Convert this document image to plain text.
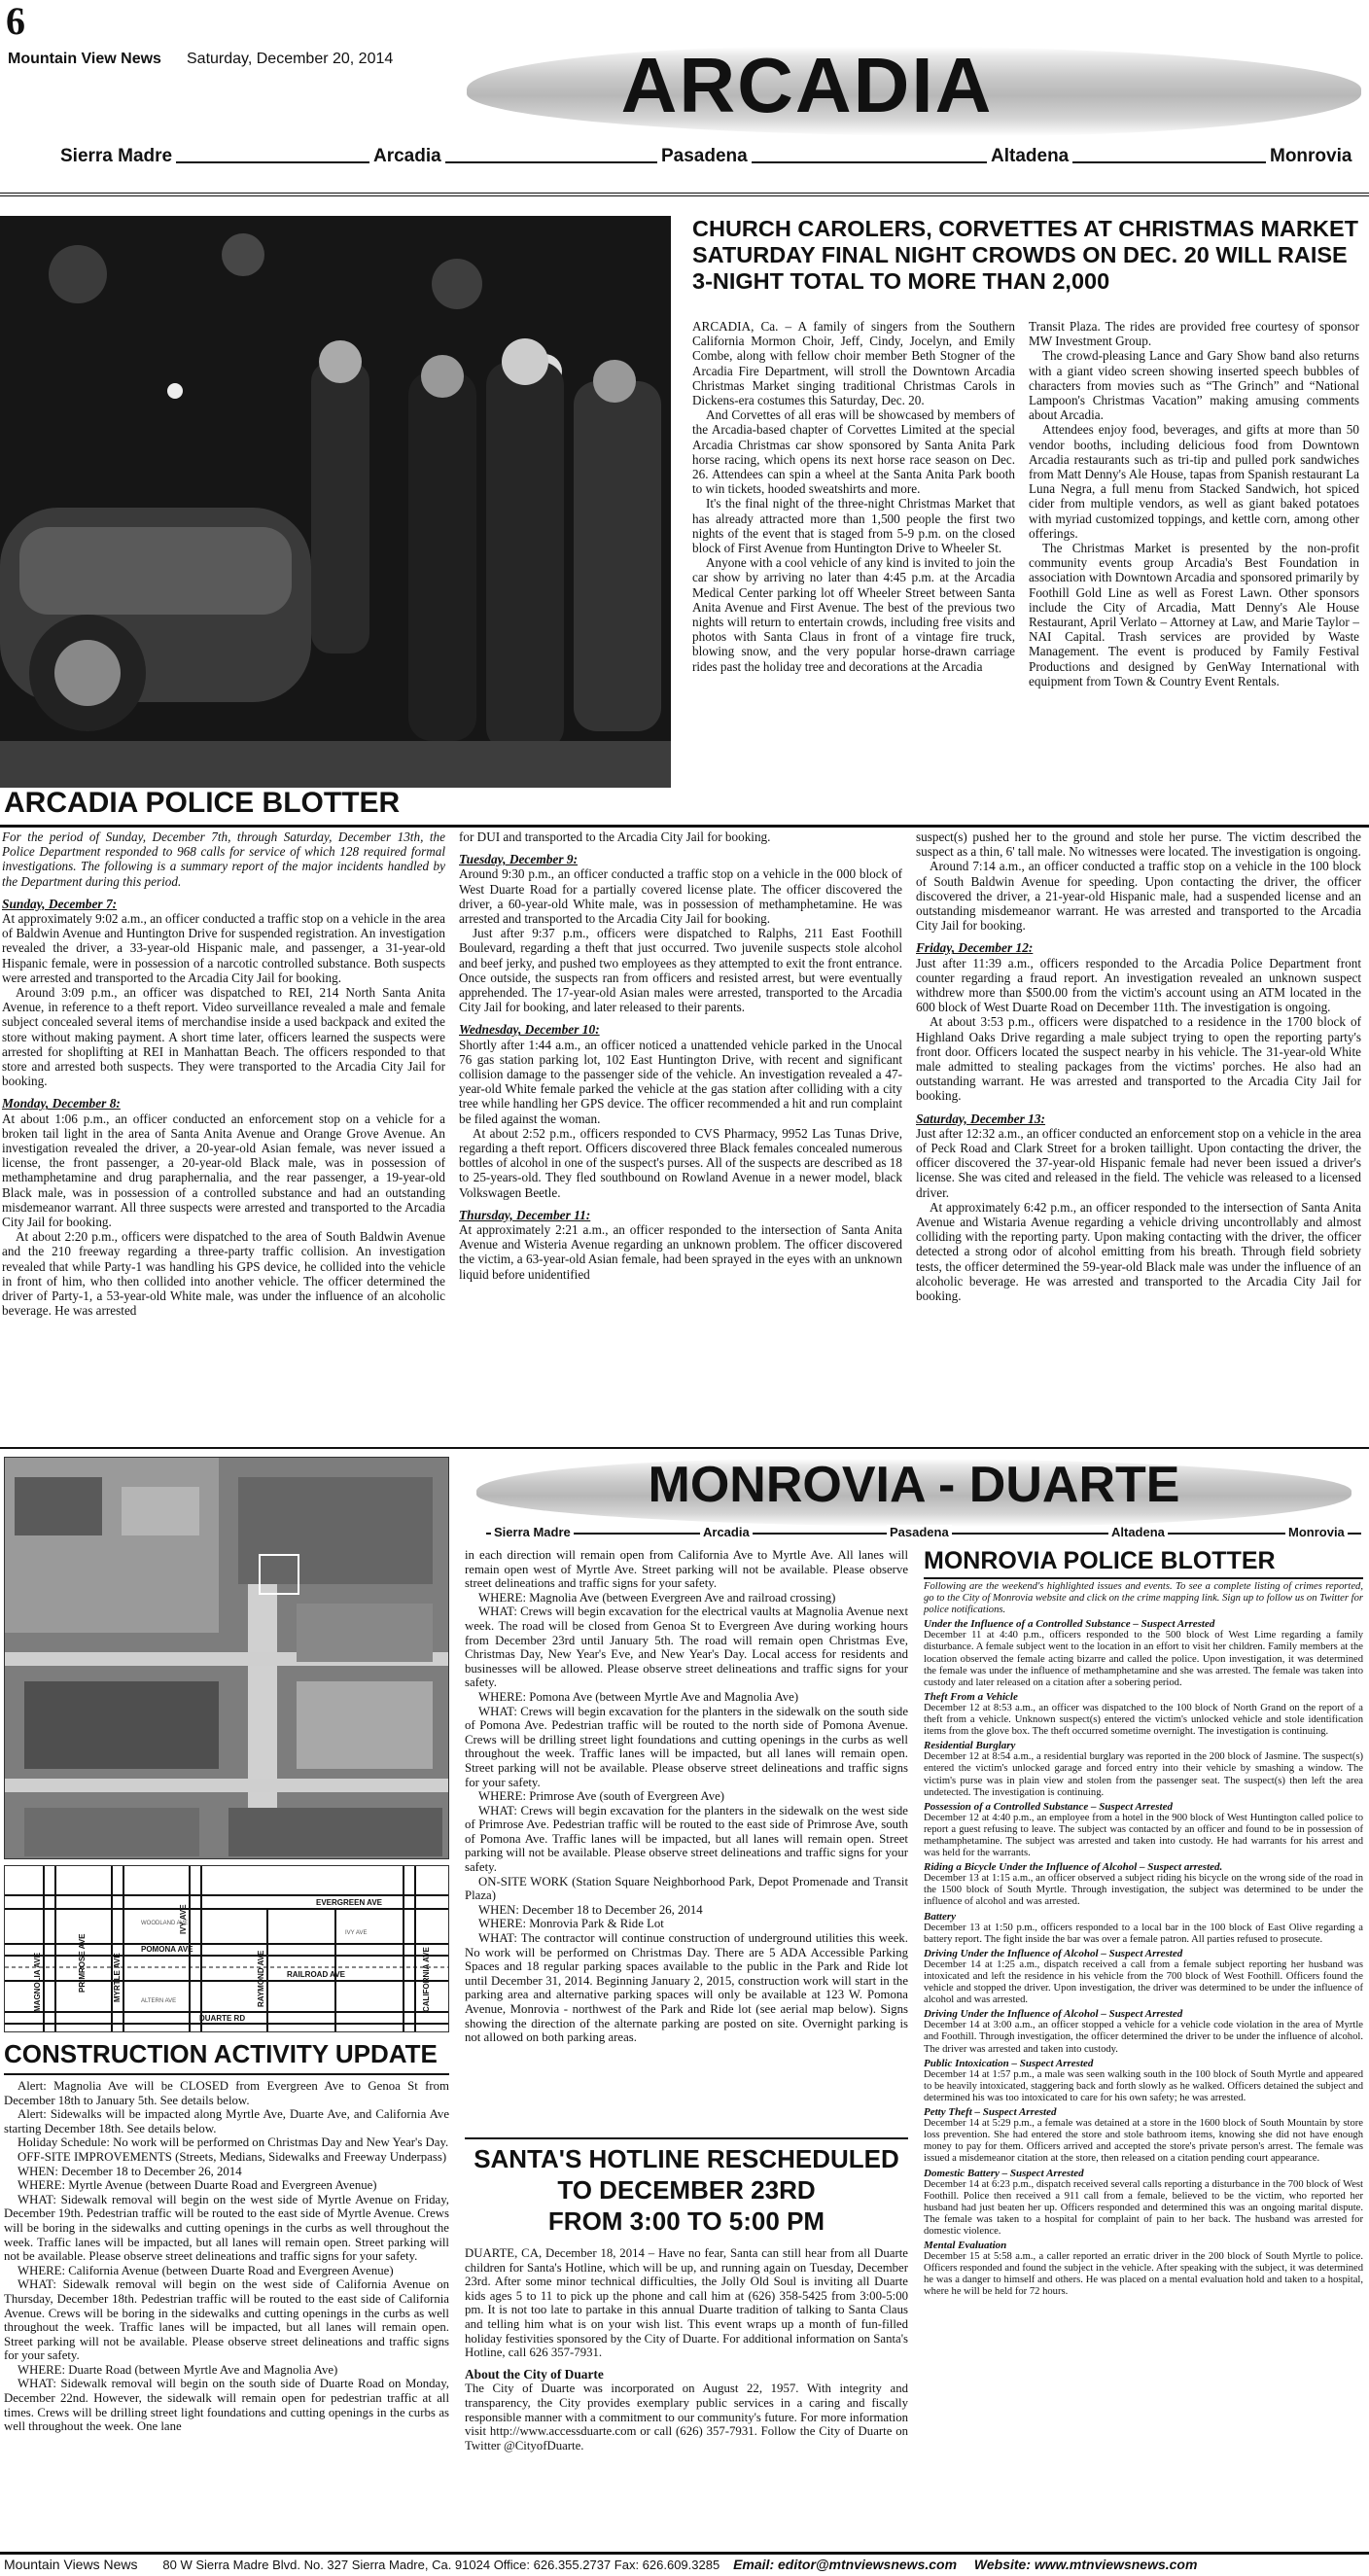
6
Mountain View News Saturday, December 20, 2014	ARCADIA
Sierra Madre	Arcadia	Pasadena	Altadena	Monrovia
CHURCH CAROLERS, CORVETTES AT CHRISTMAS MARKET SATURDAY FINAL NIGHT CROWDS ON DEC. 20 WILL RAISE 3-NIGHT TOTAL TO MORE THAN 2,000

ARCADIA, Ca. – A family of singers from the Southern California Mormon Choir, Jeff, Cindy, Jocelyn, and Emily Combe, along with fellow choir member Beth Stogner of the Arcadia Fire Department, will stroll the Downtown Arcadia Christmas Market singing traditional Christmas Carols in Dickens-era costumes this Saturday, Dec. 20.

And Corvettes of all eras will be showcased by members of the Arcadia-based chapter of Corvettes Limited at the special Arcadia Christmas car show sponsored by Santa Anita Park horse racing, which opens its next horse race season on Dec. 26. Attendees can spin a wheel at the Santa Anita Park booth to win tickets, hooded sweatshirts and more.

It's the final night of the three-night Christmas Market that has already attracted more than 1,500 people the first two nights of the event that is staged from 5-9 p.m. on the closed block of First Avenue from Huntington Drive to Wheeler St.

Anyone with a cool vehicle of any kind is invited to join the car show by arriving no later than 4:45 p.m. at the Arcadia Medical Center parking lot off Wheeler Street between Santa Anita Avenue and First Avenue. The best of the previous two nights will return to entertain crowds, including free visits and photos with Santa Claus in front of a vintage fire truck, blowing snow, and the very popular horse-drawn carriage rides past the holiday tree and decorations at the Arcadia

Transit Plaza. The rides are provided free courtesy of sponsor MW Investment Group.

The crowd-pleasing Lance and Gary Show band also returns with a giant video screen showing inserted speech bubbles of characters from movies such as “The Grinch” and “National Lampoon's Christmas Vacation” making amusing comments about Arcadia.

Attendees enjoy food, beverages, and gifts at more than 50 vendor booths, including delicious food from Downtown Arcadia restaurants such as tri-tip and pulled pork sandwiches from Matt Denny's Ale House, tapas from Spanish restaurant La Luna Negra, a full menu from Stacked Sandwich, hot spiced cider from multiple vendors, as well as giant baked potatoes with myriad customized toppings, and kettle corn, among other offerings.

The Christmas Market is presented by the non-profit community events group Arcadia's Best Foundation in association with Downtown Arcadia and sponsored primarily by Foothill Gold Line as well as Forest Lawn. Other sponsors include the City of Arcadia, Matt Denny's Ale House Restaurant, April Verlato – Attorney at Law, and Marie Taylor – NAI Capital. Trash services are provided by Waste Management. The event is produced by Family Festival Productions and designed by GenWay International with equipment from Town & Country Event Rentals.

ARCADIA POLICE BLOTTER

For the period of Sunday, December 7th, through Saturday, December 13th, the Police Department responded to 968 calls for service of which 128 required formal investigations. The following is a summary report of the major incidents handled by the Department during this period.

Sunday, December 7:

At approximately 9:02 a.m., an officer conducted a traffic stop on a vehicle in the area of Baldwin Avenue and Huntington Drive for suspended registration. An investigation revealed the driver, a 33-year-old Hispanic male, and passenger, a 31-year-old Hispanic female, were in possession of a narcotic controlled substance. Both suspects were arrested and transported to the Arcadia City Jail for booking.

Around 3:09 p.m., an officer was dispatched to REI, 214 North Santa Anita Avenue, in reference to a theft report. Video surveillance revealed a male and female subject concealed several items of merchandise inside a used backpack and exited the store without making payment. A short time later, officers learned the suspects were arrested for shoplifting at REI in Manhattan Beach. The officers responded to that store and arrested both suspects. They were transported to the Arcadia City Jail for booking.

Monday, December 8:

At about 1:06 p.m., an officer conducted an enforcement stop on a vehicle for a broken tail light in the area of Santa Anita Avenue and Orange Grove Avenue. An investigation revealed the driver, a 20-year-old Asian female, was never issued a license, the front passenger, a 20-year-old Black male, was in possession of methamphetamine and drug paraphernalia, and the rear passenger, a 19-year-old Black male, was in possession of a controlled substance and had an outstanding misdemeanor warrant. All three suspects were arrested and transported to the Arcadia City Jail for booking.

At about 2:20 p.m., officers were dispatched to the area of South Baldwin Avenue and the 210 freeway regarding a three-party traffic collision. An investigation revealed that while Party-1 was handling his GPS device, he collided into the vehicle in front of him, who then collided into another vehicle. The officer determined the driver of Party-1, a 53-year-old White male, was under the influence of an alcoholic beverage. He was arrested

for DUI and transported to the Arcadia City Jail for booking.

Tuesday, December 9:

Around 9:30 p.m., an officer conducted a traffic stop on a vehicle in the 000 block of West Duarte Road for a partially covered license plate. The officer discovered the driver, a 60-year-old White male, was in possession of methamphetamine. He was arrested and transported to the Arcadia City Jail for booking.

Just after 9:37 p.m., officers were dispatched to Ralphs, 211 East Foothill Boulevard, regarding a theft that just occurred. Two juvenile suspects stole alcohol and beef jerky, and pushed two employees as they attempted to exit the front entrance. Once outside, the suspects ran from officers and resisted arrest, but were eventually apprehended. The 17-year-old Asian males were arrested, transported to the Arcadia City Jail for booking, and later released to their parents.

Wednesday, December 10:

Shortly after 1:44 a.m., an officer noticed a unattended vehicle parked in the Unocal 76 gas station parking lot, 102 East Huntington Drive, with recent and significant collision damage to the passenger side of the vehicle. An investigation revealed a 47-year-old White female parked the vehicle at the gas station after colliding with a city tree while handling her GPS device. The officer recommended a hit and run complaint be filed against the woman.

At about 2:52 p.m., officers responded to CVS Pharmacy, 9952 Las Tunas Drive, regarding a theft report. Officers discovered three Black females concealed numerous bottles of alcohol in one of the suspect's purses. All of the suspects are described as 18 to 25-years-old. They fled southbound on Rowland Avenue in a newer model, black Volkswagen Beetle.

Thursday, December 11:

At approximately 2:21 a.m., an officer responded to the intersection of Santa Anita Avenue and Wisteria Avenue regarding an unknown problem. The officer discovered the victim, a 63-year-old Asian female, had been sprayed in the eyes with an unknown liquid before unidentified

suspect(s) pushed her to the ground and stole her purse. The victim described the suspect as a thin, 6' tall male. No witnesses were located. The investigation is ongoing.

Around 7:14 a.m., an officer conducted a traffic stop on a vehicle in the 100 block of South Baldwin Avenue for speeding. Upon contacting the driver, the officer discovered the driver, a 21-year-old Hispanic male, had a suspended license and an outstanding misdemeanor warrant. He was arrested and transported to the Arcadia City Jail for booking.

Friday, December 12:

Just after 11:39 a.m., officers responded to the Arcadia Police Department front counter regarding a fraud report. An investigation revealed an unknown suspect withdrew more than $500.00 from the victim's account using an ATM located in the 600 block of West Duarte Road on December 11th. The investigation is ongoing.

At about 3:53 p.m., officers were dispatched to a residence in the 1700 block of Highland Oaks Drive regarding a male subject trying to open the reporting party's front door. Officers located the suspect nearby in his vehicle. The 31-year-old White male admitted to stealing packages from the victims' porches. He also had an outstanding warrant. He was arrested and transported to the Arcadia City Jail for booking.

Saturday, December 13:

Just after 12:32 a.m., an officer conducted an enforcement stop on a vehicle in the area of Peck Road and Clark Street for a broken taillight. Upon contacting the driver, the officer discovered the 37-year-old Hispanic female had never been issued a driver's license. She was cited and released in the field. The vehicle was released to a licensed driver.

At approximately 6:42 p.m., an officer responded to the intersection of Santa Anita Avenue and Wistaria Avenue regarding a vehicle driving uncontrollably and almost colliding with the reporting party. Upon making contacting with the driver, the officer detected a strong odor of alcohol emitting from his breath. Through field sobriety tests, the officer determined the 59-year-old Black male was under the influence of an alcoholic beverage. He was arrested and transported to the Arcadia City Jail for booking.

EVERGREEN AVE
POMONA AVE
RAILROAD AVE
DUARTE RD
MAGNOLIA AVE	PRIMROSE AVE	MYRTLE AVE
IVY AVE
RAYMOND AVE	CALIFORNIA AVE
WOODLAND AVE
ALTERN AVE
IVY AVE
CONSTRUCTION ACTIVITY UPDATE

Alert: Magnolia Ave will be CLOSED from Evergreen Ave to Genoa St from December 18th to January 5th. See details below.

Alert: Sidewalks will be impacted along Myrtle Ave, Duarte Ave, and California Ave starting December 18th. See details below.

Holiday Schedule: No work will be performed on Christmas Day and New Year's Day.

OFF-SITE IMPROVEMENTS (Streets, Medians, Sidewalks and Freeway Underpass)

WHEN: December 18 to December 26, 2014

WHERE: Myrtle Avenue (between Duarte Road and Evergreen Avenue)

WHAT: Sidewalk removal will begin on the west side of Myrtle Avenue on Friday, December 19th. Pedestrian traffic will be routed to the east side of Myrtle Avenue. Crews will be boring in the sidewalks and cutting openings in the curbs as well throughout the week. Traffic lanes will be impacted, but all lanes will remain open. Street parking will not be available. Please observe street delineations and traffic signs for your safety.

WHERE: California Avenue (between Duarte Road and Evergreen Avenue)

WHAT: Sidewalk removal will begin on the west side of California Avenue on Thursday, December 18th. Pedestrian traffic will be routed to the east side of California Avenue. Crews will be boring in the sidewalks and cutting openings in the curbs as well throughout the week. Traffic lanes will be impacted, but all lanes will remain open. Street parking will not be available. Please observe street delineations and traffic signs for your safety.

WHERE: Duarte Road (between Myrtle Ave and Magnolia Ave)

WHAT: Sidewalk removal will begin on the south side of Duarte Road on Monday, December 22nd. However, the sidewalk will remain open for pedestrian traffic at all times. Crews will be drilling street light foundations and cutting openings in the curbs as well throughout the week. One lane

MONROVIA - DUARTE
Sierra Madre	Arcadia	Pasadena	Altadena	Monrovia

in each direction will remain open from California Ave to Myrtle Ave. All lanes will remain open west of Myrtle Ave. Street parking will not be available. Please observe street delineations and traffic signs for your safety.

WHERE: Magnolia Ave (between Evergreen Ave and railroad crossing)

WHAT: Crews will begin excavation for the electrical vaults at Magnolia Avenue next week. The road will be closed from Genoa St to Evergreen Ave during working hours from December 23rd until January 5th. The road will remain open Christmas Eve, Christmas Day, New Year's Eve, and New Year's Day. Local access for residents and businesses will be allowed. Please observe street delineations and traffic signs for your safety.

WHERE: Pomona Ave (between Myrtle Ave and Magnolia Ave)

WHAT: Crews will begin excavation for the planters in the sidewalk on the south side of Pomona Ave. Pedestrian traffic will be routed to the north side of Pomona Avenue. Crews will be drilling street light foundations and cutting openings in the curbs as well throughout the week. Traffic lanes will be impacted, but all lanes will remain open. Street parking will not be available. Please observe street delineations and traffic signs for your safety.

WHERE: Primrose Ave (south of Evergreen Ave)

WHAT: Crews will begin excavation for the planters in the sidewalk on the west side of Primrose Ave. Pedestrian traffic will be routed to the east side of Primrose Ave, south of Pomona Ave. Traffic lanes will be impacted, but all lanes will remain open. Street parking will not be available. Please observe street delineations and traffic signs for your safety.

ON-SITE WORK (Station Square Neighborhood Park, Depot Promenade and Transit Plaza)

WHEN: December 18 to December 26, 2014

WHERE: Monrovia Park & Ride Lot

WHAT: The contractor will continue construction of underground utilities this week. No work will be performed on Christmas Day. There are 5 ADA Accessible Parking Spaces and 18 regular parking spaces available to the public in the Park and Ride lot until December 31, 2014. Beginning January 2, 2015, construction work will start in the parking area and alternative parking spaces will only be available at 123 W. Pomona Avenue, Monrovia - northwest of the Park and Ride lot (see aerial map below). Signs showing the direction of the alternate parking are posted on site. Overnight parking is not allowed on both parking areas.

SANTA'S HOTLINE RESCHEDULED
TO DECEMBER 23RD
FROM 3:00 TO 5:00 PM

DUARTE, CA, December 18, 2014 – Have no fear, Santa can still hear from all Duarte children for Santa's Hotline, which will be up, and running again on Tuesday, December 23rd. After some minor technical difficulties, the Jolly Old Soul is inviting all Duarte kids ages 5 to 11 to pick up the phone and call him at (626) 358-5425 from 3:00-5:00 pm. It is not too late to partake in this annual Duarte tradition of talking to Santa Claus and telling him what is on your wish list. This event wraps up a month of fun-filled holiday festivities sponsored by the City of Duarte. For additional information on Santa's Hotline, call 626 357-7931.

About the City of Duarte

The City of Duarte was incorporated on August 22, 1957. With integrity and transparency, the City provides exemplary public services in a caring and fiscally responsible manner with a commitment to our community's future. For more information visit http://www.accessduarte.com or call (626) 357-7931. Follow the City of Duarte on Twitter @CityofDuarte.

MONROVIA POLICE BLOTTER

Following are the weekend's highlighted issues and events. To see a complete listing of crimes reported, go to the City of Monrovia website and click on the crime mapping link. Sign up to follow us on Twitter for police notifications.

Under the Influence of a Controlled Substance – Suspect Arrested

December 11 at 4:40 p.m., officers responded to the 500 block of West Lime regarding a family disturbance. A female subject went to the location in an effort to visit her children. Family members at the location observed the female acting bizarre and called the police. Upon investigation, it was determined the female was under the influence of methamphetamine and she was arrested. The female was taken into custody and later released on a citation after a sobering period.

Theft From a Vehicle

December 12 at 8:53 a.m., an officer was dispatched to the 100 block of North Grand on the report of a theft from a vehicle. Unknown suspect(s) entered the victim's unlocked vehicle and stole identification items from the glove box. The theft occurred sometime overnight. The investigation is continuing.

Residential Burglary

December 12 at 8:54 a.m., a residential burglary was reported in the 200 block of Jasmine. The suspect(s) entered the victim's unlocked garage and forced entry into their vehicle by smashing a window. The victim's purse was in plain view and stolen from the passenger seat. The suspect(s) then left the area undetected. The investigation is continuing.

Possession of a Controlled Substance – Suspect Arrested

December 12 at 4:40 p.m., an employee from a hotel in the 900 block of West Huntington called police to report a guest refusing to leave. The subject was contacted by an officer and found to be in possession of methamphetamine. The subject was arrested and taken into custody. He had warrants for his arrest and was held for the warrants.

Riding a Bicycle Under the Influence of Alcohol – Suspect arrested.

December 13 at 1:15 a.m., an officer observed a subject riding his bicycle on the wrong side of the road in the 1500 block of South Myrtle. Through investigation, the subject was determined to be under the influence of alcohol and was arrested.

Battery

December 13 at 1:50 p.m., officers responded to a local bar in the 100 block of East Olive regarding a battery report. The fight inside the bar was over a female patron. All parties refused to prosecute.

Driving Under the Influence of Alcohol – Suspect Arrested

December 14 at 1:25 a.m., dispatch received a call from a female subject reporting her husband was intoxicated and left the residence in his vehicle from the 700 block of West Foothill. Officers found the vehicle and stopped the driver. Upon investigation, the driver was determined to be under the influence of alcohol and was arrested.

Driving Under the Influence of Alcohol – Suspect Arrested

December 14 at 3:00 a.m., an officer stopped a vehicle for a vehicle code violation in the area of Myrtle and Foothill. Through investigation, the officer determined the driver to be under the influence of alcohol. The driver was arrested and taken into custody.

Public Intoxication – Suspect Arrested

December 14 at 1:57 p.m., a male was seen walking south in the 100 block of South Myrtle and appeared to be heavily intoxicated, staggering back and forth slowly as he walked. Officers detained the subject and determined his was too intoxicated to care for his own safety; he was arrested.

Petty Theft – Suspect Arrested

December 14 at 5:29 p.m., a female was detained at a store in the 1600 block of South Mountain by store loss prevention. She had entered the store and stole bathroom items, knowing she did not have enough money to pay for them. Officers arrived and accepted the store's private person's arrest. The female was issued a misdemeanor citation at the store, then released on a citation pending court appearance.

Domestic Battery – Suspect Arrested

December 14 at 6:23 p.m., dispatch received several calls reporting a disturbance in the 700 block of West Foothill. Police then received a 911 call from a female, believed to be the victim, who reported her husband had just beaten her up. Officers responded and determined this was an ongoing marital dispute. The female was taken to a hospital for complaint of pain to her back. The husband was arrested for domestic violence.

Mental Evaluation

December 15 at 5:58 a.m., a caller reported an erratic driver in the 200 block of South Myrtle to police. Officers responded and found the subject in the vehicle. After speaking with the subject, it was determined he was a danger to himself and others. He was placed on a mental evaluation hold and taken to a hospital, where he will be held for 72 hours.

Mountain Views News 80 W Sierra Madre Blvd. No. 327 Sierra Madre, Ca. 91024 Office: 626.355.2737 Fax: 626.609.3285 Email: editor@mtnviewsnews.com Website: www.mtnviewsnews.com
